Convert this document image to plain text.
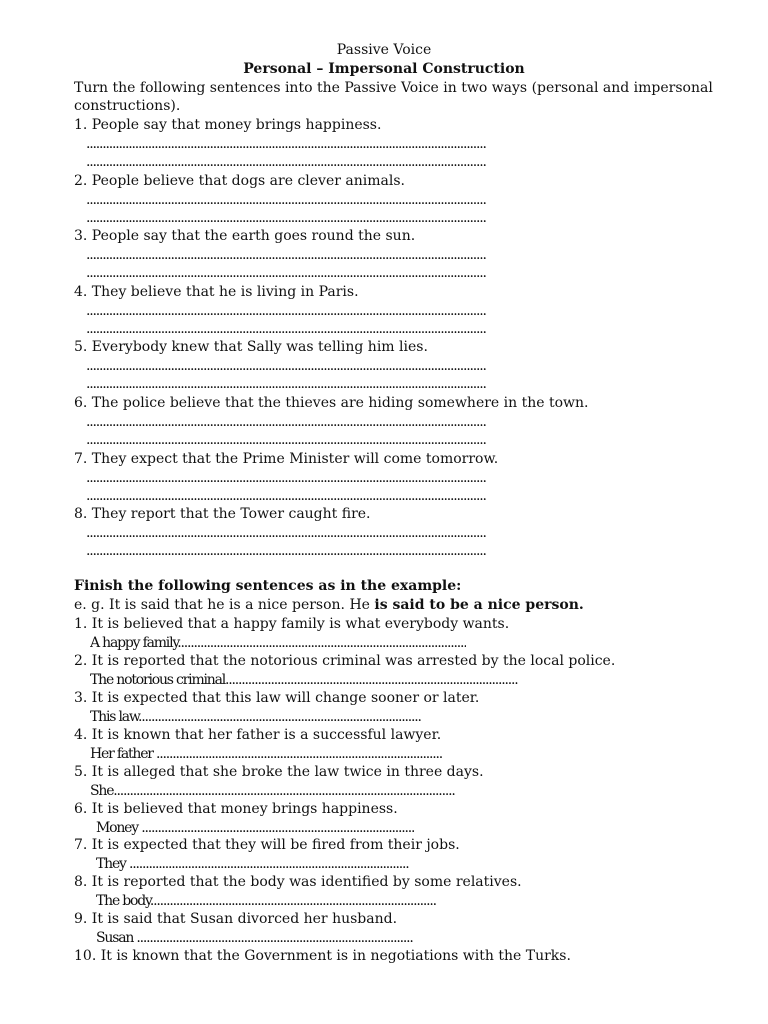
Passive Voice
Personal – Impersonal Construction
Turn the following sentences into the Passive Voice in two ways (personal and impersonal
constructions).
1. People say that money brings happiness.
...........................................................................................................................
...........................................................................................................................
2. People believe that dogs are clever animals.
...........................................................................................................................
...........................................................................................................................
3. People say that the earth goes round the sun.
...........................................................................................................................
...........................................................................................................................
4. They believe that he is living in Paris.
...........................................................................................................................
...........................................................................................................................
5. Everybody knew that Sally was telling him lies.
...........................................................................................................................
...........................................................................................................................
6. The police believe that the thieves are hiding somewhere in the town.
...........................................................................................................................
...........................................................................................................................
7. They expect that the Prime Minister will come tomorrow.
...........................................................................................................................
...........................................................................................................................
8. They report that the Tower caught fire.
...........................................................................................................................
...........................................................................................................................
Finish the following sentences as in the example:
e. g. It is said that he is a nice person. He is said to be a nice person.
1. It is believed that a happy family is what everybody wants.
A happy family.........................................................................................
2. It is reported that the notorious criminal was arrested by the local police.
The notorious criminal..........................................................................................
3. It is expected that this law will change sooner or later.
This law.......................................................................................
4. It is known that her father is a successful lawyer.
Her father ........................................................................................
5. It is alleged that she broke the law twice in three days.
She.........................................................................................................
6. It is believed that money brings happiness.
Money ....................................................................................
7. It is expected that they will be fired from their jobs.
They ......................................................................................
8. It is reported that the body was identified by some relatives.
The body........................................................................................
9. It is said that Susan divorced her husband.
Susan .....................................................................................
10. It is known that the Government is in negotiations with the Turks.
